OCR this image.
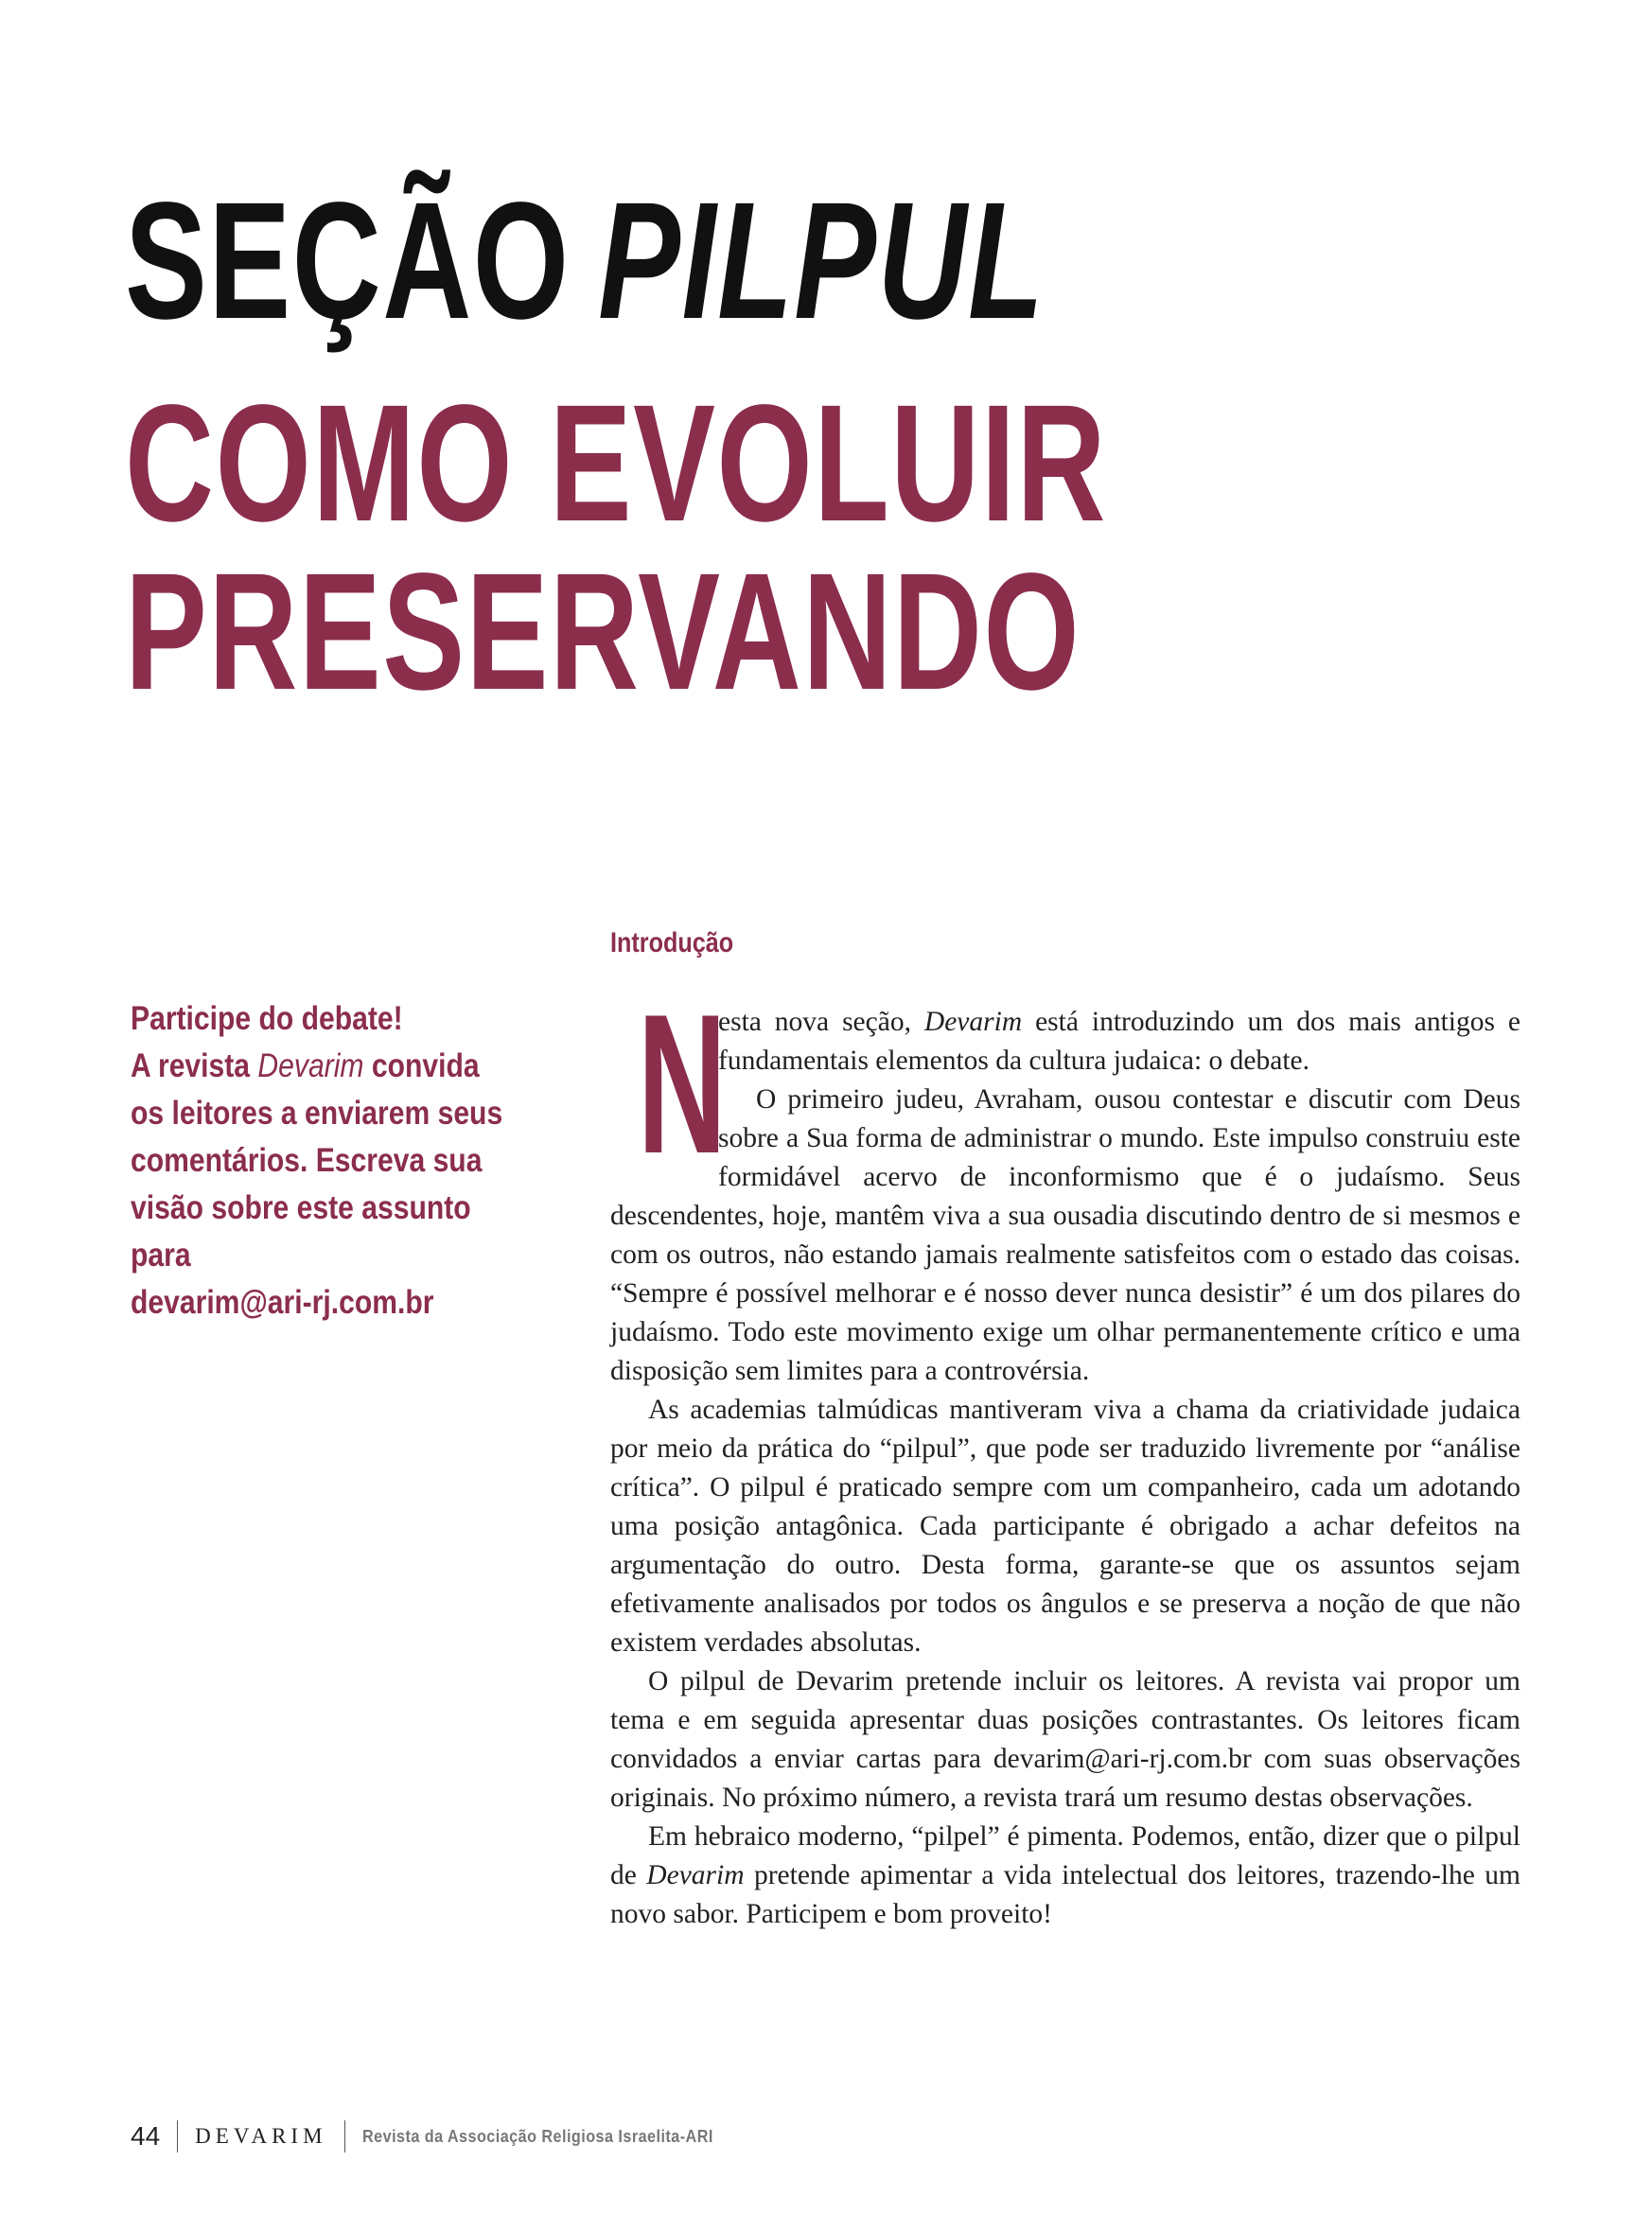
SEÇÃO PILPUL
COMO EVOLUIR
PRESERVANDO

Participe do debate!

A revista Devarim convida

os leitores a enviarem seus

comentários. Escreva sua

visão sobre este assunto para

devarim@ari-rj.com.br

Introdução

N
esta nova seção, Devarim está introduzindo um dos mais antigos e fundamentais elementos da cultura judaica: o debate.

O primeiro judeu, Avraham, ousou contestar e discutir com Deus sobre a Sua forma de administrar o mundo. Este impulso construiu este formidável acervo de inconformismo que é o judaísmo. Seus descendentes, hoje, mantêm viva a sua ousadia discutindo dentro de si mesmos e com os outros, não estando jamais realmente satisfeitos com o estado das coisas. “Sempre é possível melhorar e é nosso dever nunca desistir” é um dos pilares do judaísmo. Todo este movimento exige um olhar permanentemente crítico e uma disposição sem limites para a controvérsia.

As academias talmúdicas mantiveram viva a chama da criatividade judaica por meio da prática do “pilpul”, que pode ser traduzido livremente por “análise crítica”. O pilpul é praticado sempre com um companheiro, cada um adotando uma posição antagônica. Cada participante é obrigado a achar defeitos na argumentação do outro. Desta forma, garante-se que os assuntos sejam efetivamente analisados por todos os ângulos e se preserva a noção de que não existem verdades absolutas.

O pilpul de Devarim pretende incluir os leitores. A revista vai propor um tema e em seguida apresentar duas posições contrastantes. Os leitores ficam convidados a enviar cartas para devarim@ari-rj.com.br com suas observações originais. No próximo número, a revista trará um resumo destas observações.

Em hebraico moderno, “pilpel” é pimenta. Podemos, então, dizer que o pilpul de Devarim pretende apimentar a vida intelectual dos leitores, trazendo-lhe um novo sabor. Participem e bom proveito!

44 DEVARIM Revista da Associação Religiosa Israelita-ARI
